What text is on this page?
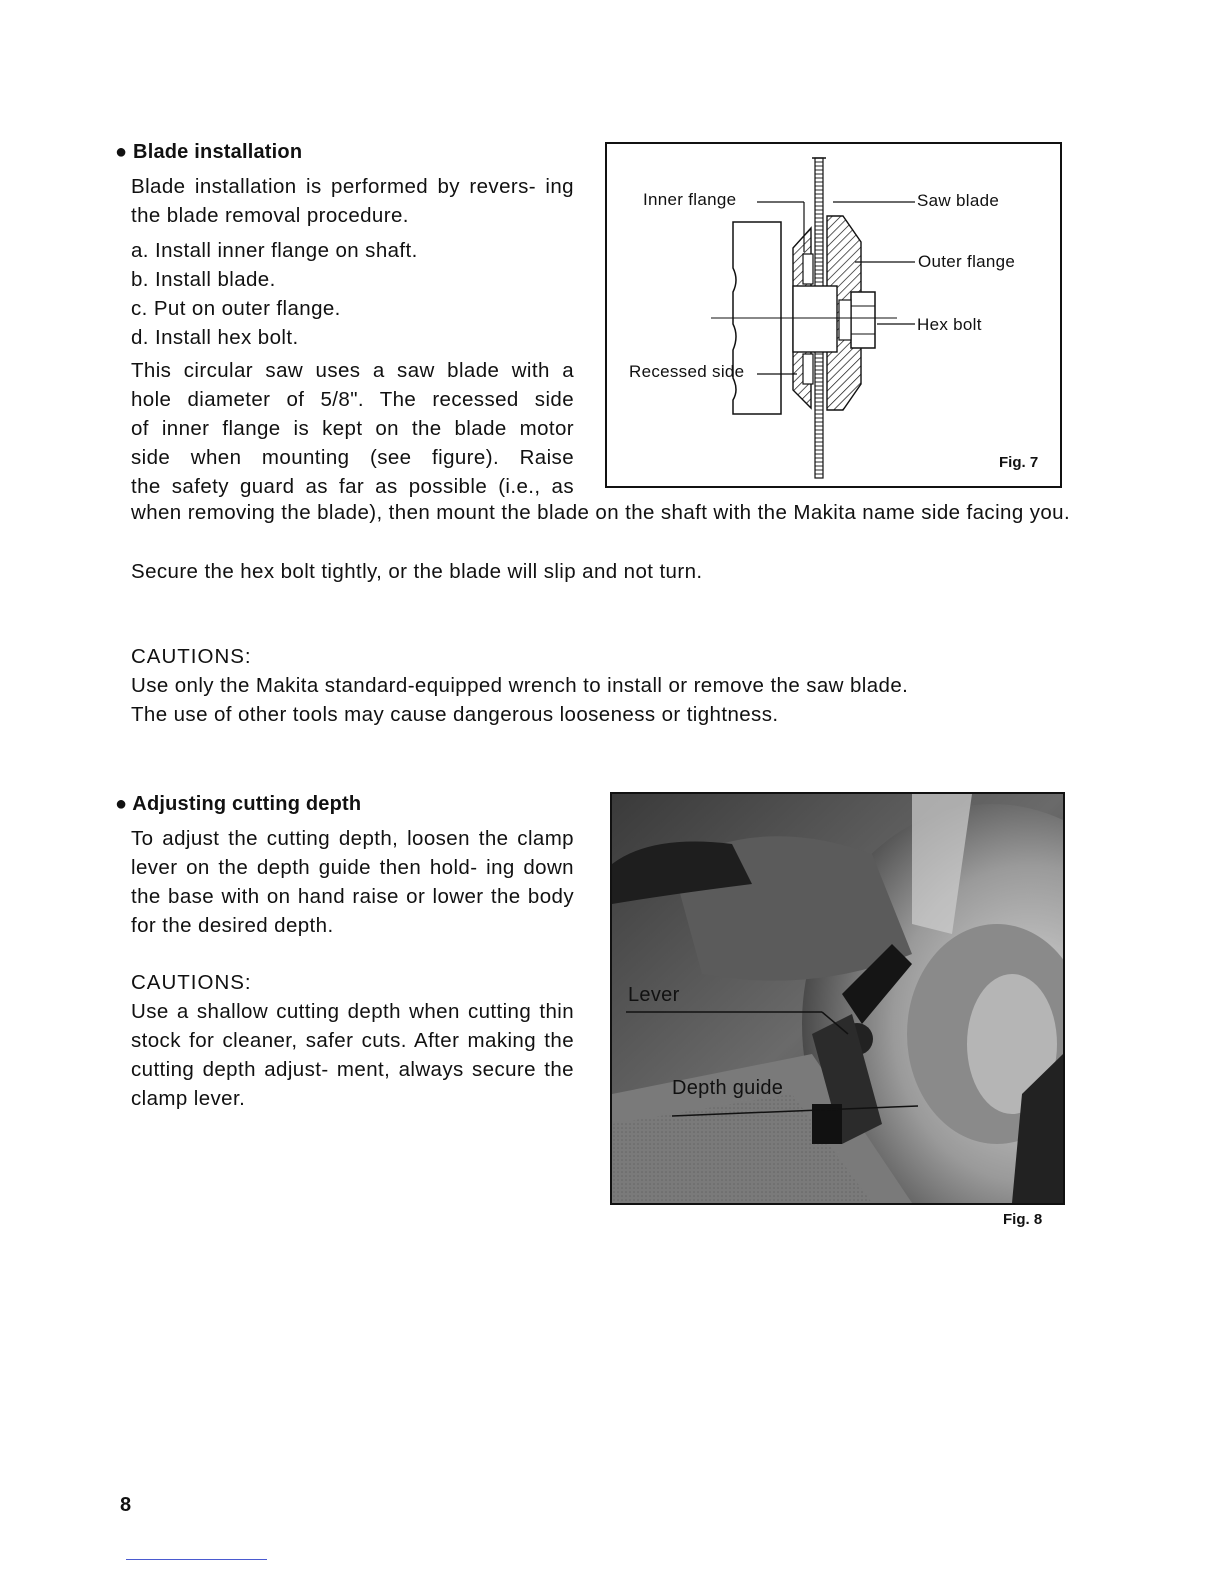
● Blade installation
Blade installation is performed by revers- ing the blade removal procedure.
a. Install inner flange on shaft.
b. Install blade.
c. Put on outer flange.
d. Install hex bolt.
This circular saw uses a saw blade with a
hole diameter of 5/8". The recessed side
of inner flange is kept on the blade motor
side when mounting (see figure). Raise
the safety guard as far as possible (i.e., as
when removing the blade), then mount the blade on the shaft with the Makita name side facing you.
Secure the hex bolt tightly, or the blade will slip and not turn.
Inner flange	Saw blade
Outer flange
Hex bolt
Recessed side
Fig. 7
CAUTIONS:
Use only the Makita standard-equipped wrench to install or remove the saw blade.
The use of other tools may cause dangerous looseness or tightness.
● Adjusting cutting depth
To adjust the cutting depth, loosen the clamp lever on the depth guide then hold- ing down the base with on hand raise or lower the body for the desired depth.
CAUTIONS:
Use a shallow cutting depth when cutting thin stock for cleaner, safer cuts. After making the cutting depth adjust- ment, always secure the clamp lever.
Lever
Depth guide
Fig. 8
8
